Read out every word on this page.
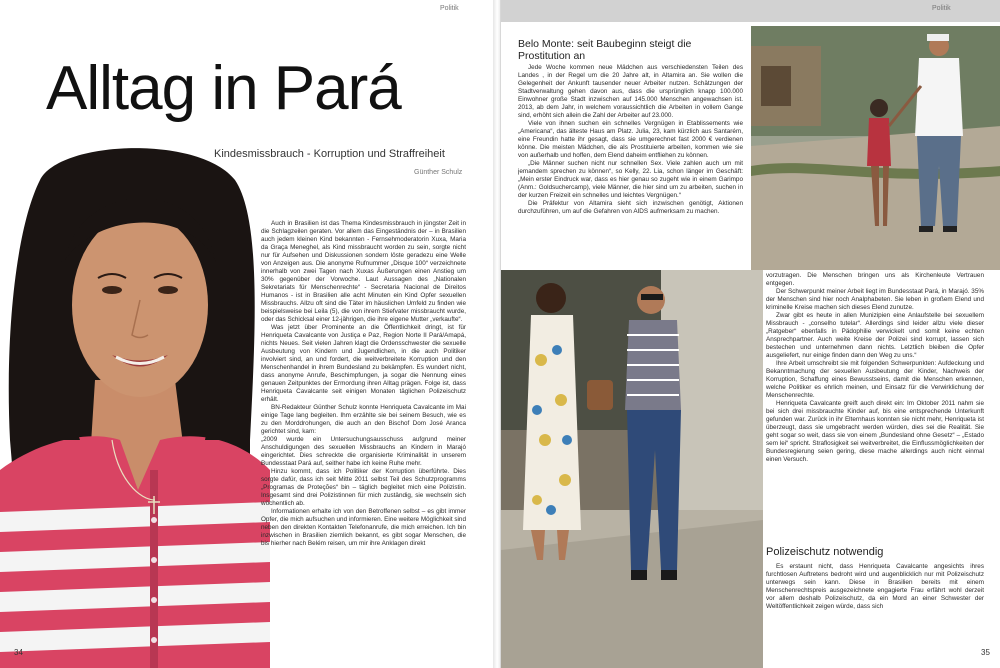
Politik
Alltag in Pará
Kindesmissbrauch - Korruption und Straffreiheit
Günther Schulz

Auch in Brasilien ist das Thema Kindesmissbrauch in jüngster Zeit in die Schlagzeilen geraten. Vor allem das Eingeständnis der – in Brasilien auch jedem kleinen Kind bekannten - Fernsehmoderatorin Xuxa, Maria da Graça Meneghel, als Kind missbraucht worden zu sein, sorgte nicht nur für Aufsehen und Diskussionen sondern löste geradezu eine Welle von Anzeigen aus. Die anonyme Rufnummer „Disque 100“ verzeichnete innerhalb von zwei Tagen nach Xuxas Äußerungen einen Anstieg um 30% gegenüber der Vorwoche. Laut Aussagen des „Nationalen Sekretariats für Menschenrechte“ - Secretaria Nacional de Direitos Humanos - ist in Brasilien alle acht Minuten ein Kind Opfer sexuellen Missbrauchs. Allzu oft sind die Täter im häuslichen Umfeld zu finden wie beispielsweise bei Leila (5), die von ihrem Stiefvater missbraucht wurde, oder das Schicksal einer 12-jährigen, die ihre eigene Mutter „verkaufte“.

Was jetzt über Prominente an die Öffentlichkeit dringt, ist für Henriqueta Cavalcante von Justiça e Paz, Region Norte II Pará/Amapá, nichts Neues. Seit vielen Jahren klagt die Ordensschwester die sexuelle Ausbeutung von Kindern und Jugendlichen, in die auch Politiker involviert sind, an und fordert, die weitverbreitete Korruption und den Menschenhandel in ihrem Bundesland zu bekämpfen. Es wundert nicht, dass anonyme Anrufe, Beschimpfungen, ja sogar die Nennung eines genauen Zeitpunktes der Ermordung ihren Alltag prägen. Folge ist, dass Henriqueta Cavalcante seit einigen Monaten täglichen Polizeischutz erhält.

BN-Redakteur Günther Schulz konnte Henriqueta Cavalcante im Mai einige Tage lang begleiten. Ihm erzählte sie bei seinem Besuch, wie es zu den Morddrohungen, die auch an den Bischof Dom José Aranca gerichtet sind, kam:

„2009 wurde ein Untersuchungsausschuss aufgrund meiner Anschuldigungen des sexuellen Missbrauchs an Kindern in Marajó eingerichtet. Dies schreckte die organisierte Kriminalität in unserem Bundesstaat Pará auf, seither habe ich keine Ruhe mehr.

Hinzu kommt, dass ich Politiker der Korruption überführte. Dies sorgte dafür, dass ich seit Mitte 2011 selbst Teil des Schutzprogramms „Programas de Proteções“ bin – täglich begleitet mich eine Polizistin. Insgesamt sind drei Polizistinnen für mich zuständig, sie wechseln sich wöchentlich ab.

Informationen erhalte ich von den Betroffenen selbst – es gibt immer Opfer, die mich aufsuchen und informieren. Eine weitere Möglichkeit sind neben den direkten Kontakten Telefonanrufe, die mich erreichen. Ich bin inzwischen in Brasilien ziemlich bekannt, es gibt sogar Menschen, die bis hierher nach Belém reisen, um mir ihre Anklagen direkt

34
Politik
Belo Monte: seit Baubeginn steigt die Prostitution an

Jede Woche kommen neue Mädchen aus verschiedensten Teilen des Landes , in der Regel um die 20 Jahre alt, in Altamira an. Sie wollen die Gelegenheit der Ankunft tausender neuer Arbeiter nutzen. Schätzungen der Stadtverwaltung gehen davon aus, dass die ursprünglich knapp 100.000 Einwohner große Stadt inzwischen auf 145.000 Menschen angewachsen ist. 2013, ab dem Jahr, in welchem voraussichtlich die Arbeiten in vollem Gange sind, erhöht sich allein die Zahl der Arbeiter auf 23.000.

Viele von ihnen suchen ein schnelles Vergnügen in Etablissements wie „Americana“, das älteste Haus am Platz. Julia, 23, kam kürzlich aus Santarém, eine Freundin hatte ihr gesagt, dass sie umgerechnet fast 2000 € verdienen könne. Die meisten Mädchen, die als Prostituierte arbeiten, kommen wie sie von außerhalb und hoffen, dem Elend daheim entfliehen zu können.

„Die Männer suchen nicht nur schnellen Sex. Viele zahlen auch um mit jemandem sprechen zu können“, so Kelly, 22. Lia, schon länger im Geschäft: „Mein erster Eindruck war, dass es hier genau so zugeht wie in einem Garimpo (Anm.: Goldsuchercamp), viele Männer, die hier sind um zu arbeiten, suchen in der kurzen Freizeit ein schnelles und leichtes Vergnügen.“

Die Präfektur von Altamira sieht sich inzwischen genötigt, Aktionen durchzuführen, um auf die Gefahren von AIDS aufmerksam zu machen.

vorzutragen. Die Menschen bringen uns als Kirchenleute Vertrauen entgegen.

Der Schwerpunkt meiner Arbeit liegt im Bundesstaat Pará, in Marajó. 35% der Menschen sind hier noch Analphabeten. Sie leben in großem Elend und kriminelle Kreise machen sich dieses Elend zunutze.

Zwar gibt es heute in allen Munizipien eine Anlaufstelle bei sexuellem Missbrauch - „conselho tutelar“. Allerdings sind leider allzu viele dieser „Ratgeber“ ebenfalls in Pädophilie verwickelt und somit keine echten Ansprechpartner. Auch weite Kreise der Polizei sind korrupt, lassen sich bestechen und unternehmen dann nichts. Letztlich bleiben die Opfer ausgeliefert, nur einige finden dann den Weg zu uns.“

Ihre Arbeit umschreibt sie mit folgenden Schwerpunkten: Aufdeckung und Bekanntmachung der sexuellen Ausbeutung der Kinder, Nachweis der Korruption, Schaffung eines Bewusstseins, damit die Menschen erkennen, welche Politiker es ehrlich meinen, und Einsatz für die Verwirklichung der Menschenrechte.

Henriqueta Cavalcante greift auch direkt ein: Im Oktober 2011 nahm sie bei sich drei missbrauchte Kinder auf, bis eine entsprechende Unterkunft gefunden war. Zurück in ihr Elternhaus konnten sie nicht mehr, Henriqueta ist überzeugt, dass sie umgebracht werden würden, dies sei die Realität. Sie geht sogar so weit, dass sie von einem „Bundesland ohne Gesetz“ – „Estado sem lei“ spricht. Straflosigkeit sei weitverbreitet, die Einflussmöglichkeiten der Bundesregierung seien gering, diese mache allerdings auch nicht einmal einen Versuch.

Polizeischutz notwendig

Es erstaunt nicht, dass Henriqueta Cavalcante angesichts ihres furchtlosen Auftretens bedroht wird und augenblicklich nur mit Polizeischutz unterwegs sein kann. Diese in Brasilien bereits mit einem Menschenrechtspreis ausgezeichnete engagierte Frau erfährt wohl derzeit vor allem deshalb Polizeischutz, da ein Mord an einer Schwester der Weltöffentlichkeit zeigen würde, dass sich

35
